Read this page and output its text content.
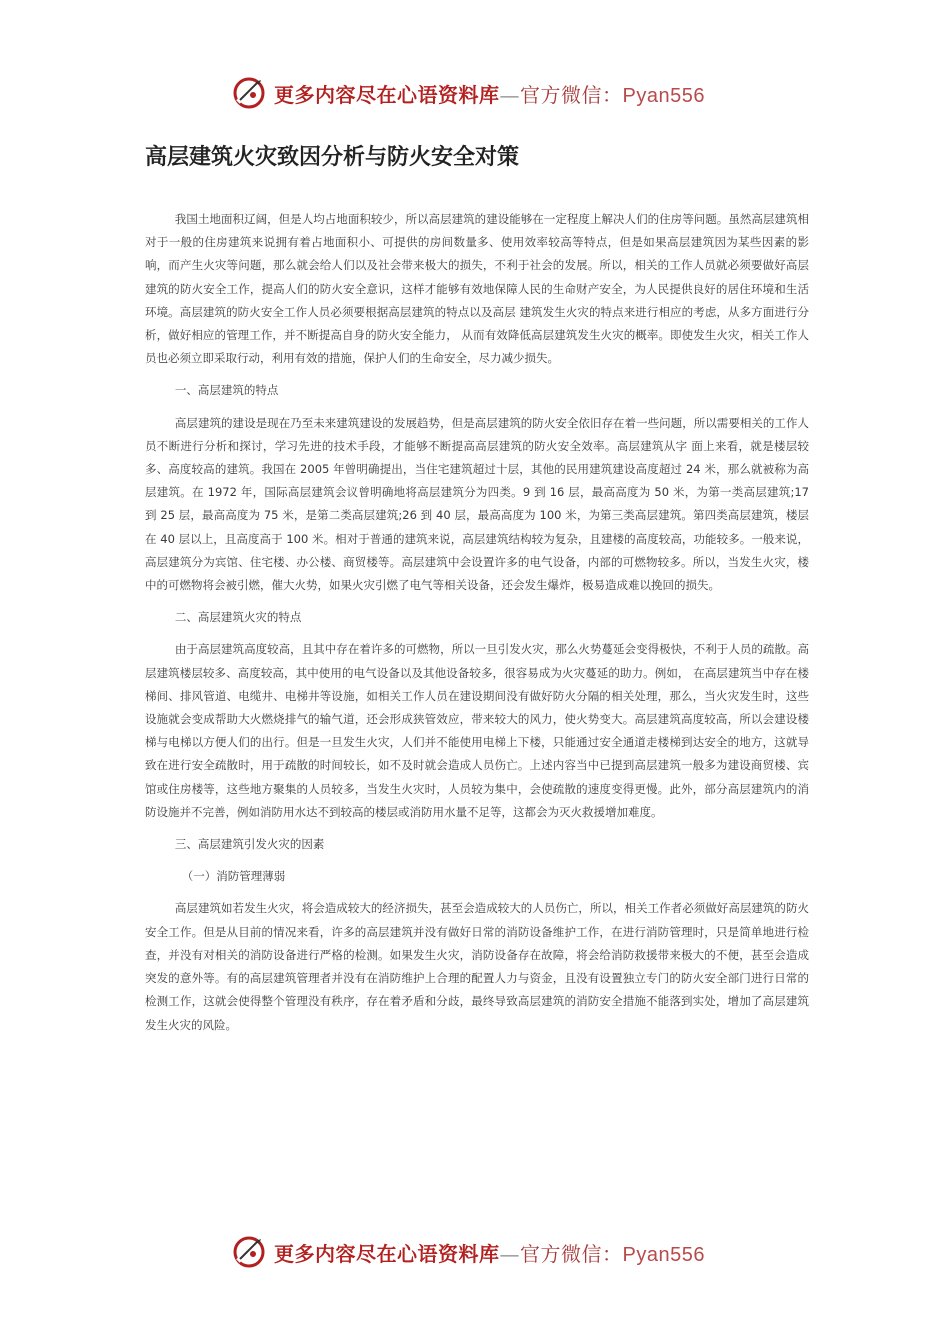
更多内容尽在心语资料库—官方微信：Pyan556
高层建筑火灾致因分析与防火安全对策

我国土地面积辽阔，但是人均占地面积较少，所以高层建筑的建设能够在一定程度上解决人们的住房等问题。虽然高层建筑相对于一般的住房建筑来说拥有着占地面积小、可提供的房间数量多、使用效率较高等特点，但是如果高层建筑因为某些因素的影响，而产生火灾等问题，那么就会给人们以及社会带来极大的损失，不利于社会的发展。所以，相关的工作人员就必须要做好高层建筑的防火安全工作，提高人们的防火安全意识，这样才能够有效地保障人民的生命财产安全，为人民提供良好的居住环境和生活环境。高层建筑的防火安全工作人员必须要根据高层建筑的特点以及高层 建筑发生火灾的特点来进行相应的考虑，从多方面进行分析，做好相应的管理工作，并不断提高自身的防火安全能力， 从而有效降低高层建筑发生火灾的概率。即使发生火灾，相关工作人员也必须立即采取行动，利用有效的措施，保护人们的生命安全，尽力减少损失。

一、高层建筑的特点

高层建筑的建设是现在乃至未来建筑建设的发展趋势，但是高层建筑的防火安全依旧存在着一些问题，所以需要相关的工作人员不断进行分析和探讨，学习先进的技术手段，才能够不断提高高层建筑的防火安全效率。高层建筑从字 面上来看，就是楼层较多、高度较高的建筑。我国在 2005 年曾明确提出，当住宅建筑超过十层，其他的民用建筑建设高度超过 24 米，那么就被称为高层建筑。在 1972 年，国际高层建筑会议曾明确地将高层建筑分为四类。9 到 16 层，最高高度为 50 米，为第一类高层建筑;17 到 25 层，最高高度为 75 米，是第二类高层建筑;26 到 40 层，最高高度为 100 米，为第三类高层建筑。第四类高层建筑，楼层在 40 层以上，且高度高于 100 米。相对于普通的建筑来说，高层建筑结构较为复杂，且建楼的高度较高，功能较多。一般来说，高层建筑分为宾馆、住宅楼、办公楼、商贸楼等。高层建筑中会设置许多的电气设备，内部的可燃物较多。所以，当发生火灾，楼中的可燃物将会被引燃，催大火势，如果火灾引燃了电气等相关设备，还会发生爆炸，极易造成难以挽回的损失。

二、高层建筑火灾的特点

由于高层建筑高度较高，且其中存在着许多的可燃物，所以一旦引发火灾，那么火势蔓延会变得极快，不利于人员的疏散。高层建筑楼层较多、高度较高，其中使用的电气设备以及其他设备较多，很容易成为火灾蔓延的助力。例如， 在高层建筑当中存在楼梯间、排风管道、电缆井、电梯井等设施，如相关工作人员在建设期间没有做好防火分隔的相关处理，那么，当火灾发生时，这些设施就会变成帮助大火燃烧排气的输气道，还会形成狭管效应，带来较大的风力，使火势变大。高层建筑高度较高，所以会建设楼梯与电梯以方便人们的出行。但是一旦发生火灾，人们并不能使用电梯上下楼，只能通过安全通道走楼梯到达安全的地方，这就导致在进行安全疏散时，用于疏散的时间较长，如不及时就会造成人员伤亡。上述内容当中已提到高层建筑一般多为建设商贸楼、宾馆或住房楼等，这些地方聚集的人员较多，当发生火灾时，人员较为集中，会使疏散的速度变得更慢。此外，部分高层建筑内的消防设施并不完善，例如消防用水达不到较高的楼层或消防用水量不足等，这都会为灭火救援增加难度。

三、高层建筑引发火灾的因素
（一）消防管理薄弱

高层建筑如若发生火灾，将会造成较大的经济损失，甚至会造成较大的人员伤亡，所以，相关工作者必须做好高层建筑的防火安全工作。但是从目前的情况来看，许多的高层建筑并没有做好日常的消防设备维护工作，在进行消防管理时，只是简单地进行检查，并没有对相关的消防设备进行严格的检测。如果发生火灾，消防设备存在故障，将会给消防救援带来极大的不便，甚至会造成突发的意外等。有的高层建筑管理者并没有在消防维护上合理的配置人力与资金，且没有设置独立专门的防火安全部门进行日常的检测工作，这就会使得整个管理没有秩序，存在着矛盾和分歧，最终导致高层建筑的消防安全措施不能落到实处，增加了高层建筑发生火灾的风险。

更多内容尽在心语资料库—官方微信：Pyan556
